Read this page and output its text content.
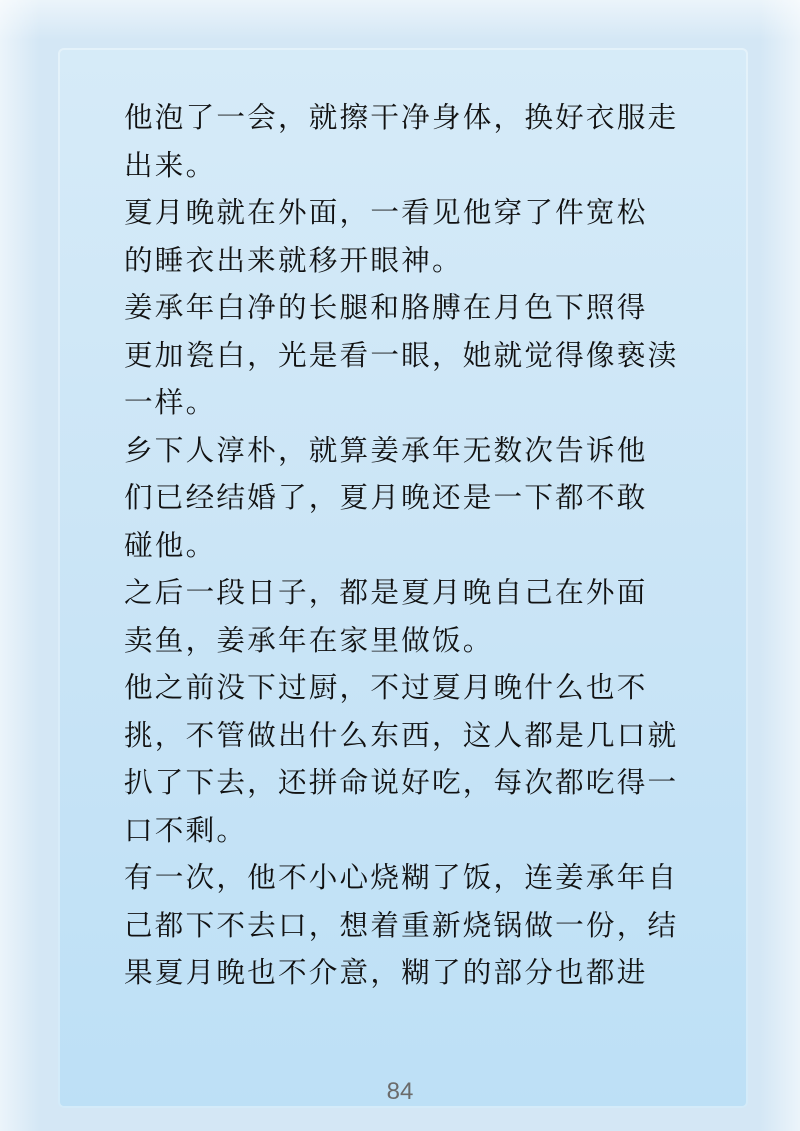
他泡了一会，就擦干净身体，换好衣服走
出来。
夏月晚就在外面，一看见他穿了件宽松
的睡衣出来就移开眼神。
姜承年白净的长腿和胳膊在月色下照得
更加瓷白，光是看一眼，她就觉得像亵渎
一样。
乡下人淳朴，就算姜承年无数次告诉他
们已经结婚了，夏月晚还是一下都不敢
碰他。
之后一段日子，都是夏月晚自己在外面
卖鱼，姜承年在家里做饭。
他之前没下过厨，不过夏月晚什么也不
挑，不管做出什么东西，这人都是几口就
扒了下去，还拼命说好吃，每次都吃得一
口不剩。
有一次，他不小心烧糊了饭，连姜承年自
己都下不去口，想着重新烧锅做一份，结
果夏月晚也不介意，糊了的部分也都进
84
